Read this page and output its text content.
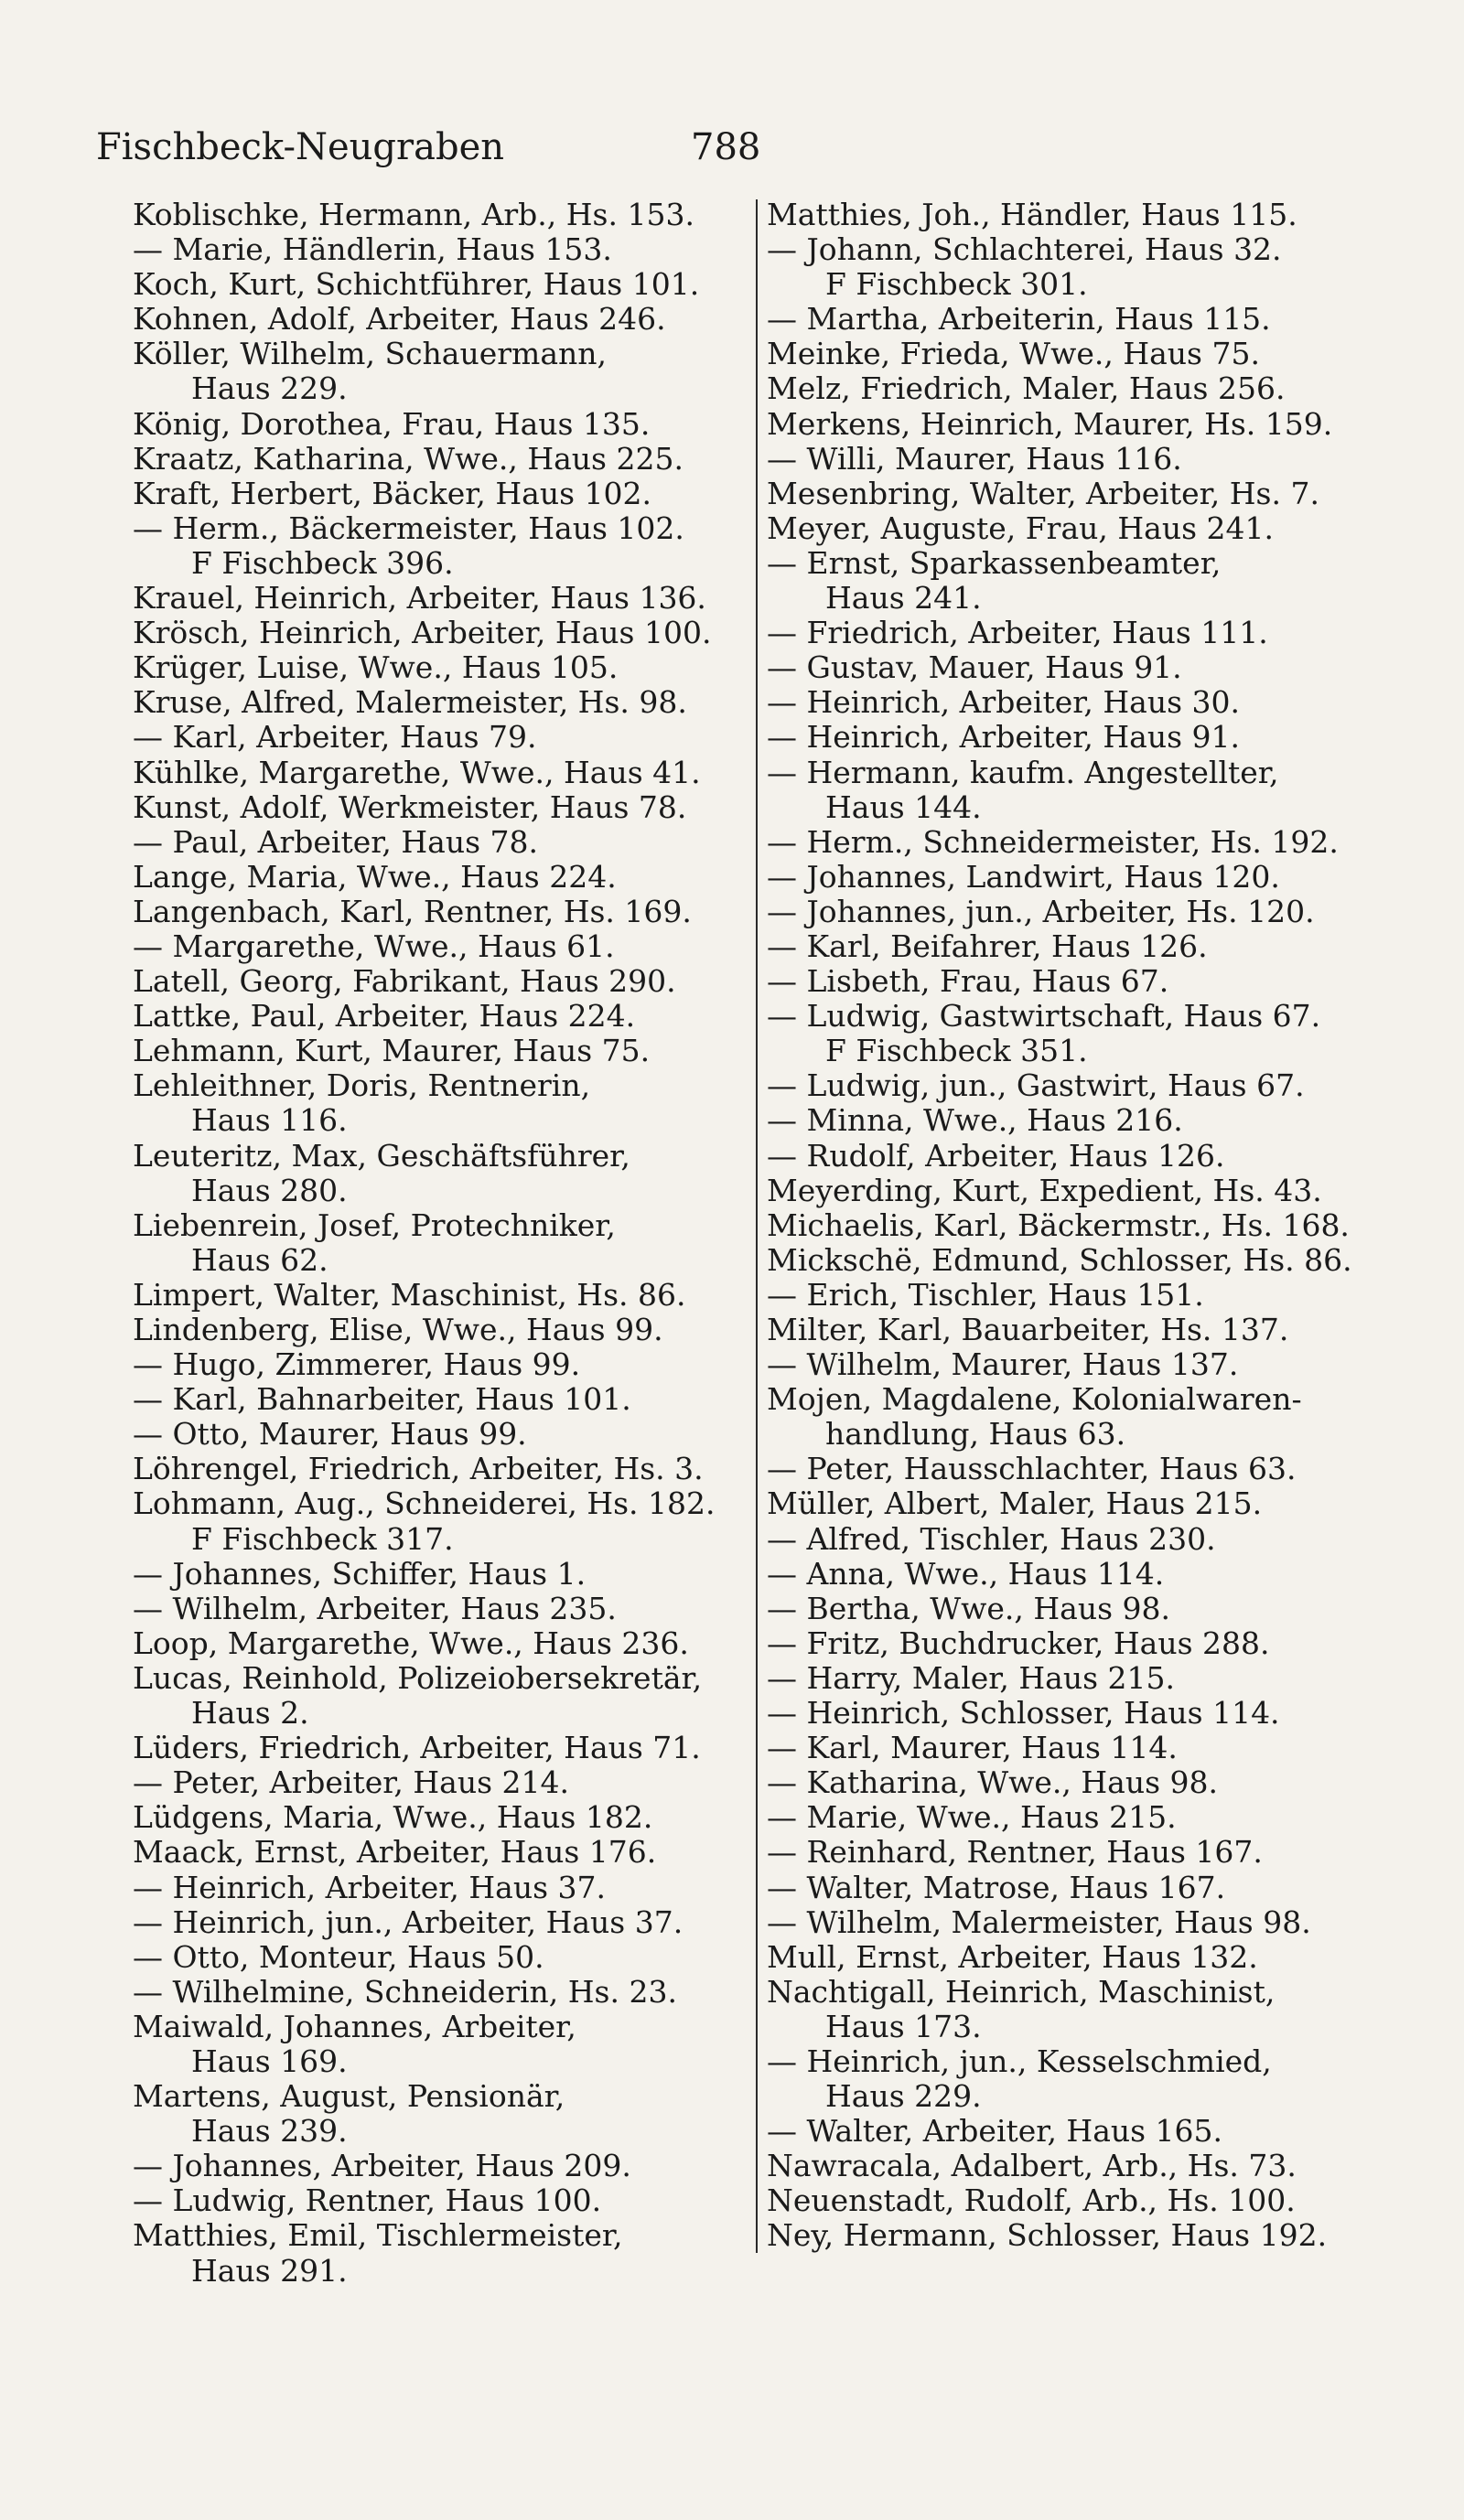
Fischbeck-Neugraben	788
Koblischke, Hermann, Arb., Hs. 153.
— Marie, Händlerin, Haus 153.
Koch, Kurt, Schichtführer, Haus 101.
Kohnen, Adolf, Arbeiter, Haus 246.
Köller, Wilhelm, Schauermann,
Haus 229.
König, Dorothea, Frau, Haus 135.
Kraatz, Katharina, Wwe., Haus 225.
Kraft, Herbert, Bäcker, Haus 102.
— Herm., Bäckermeister, Haus 102.
F Fischbeck 396.
Krauel, Heinrich, Arbeiter, Haus 136.
Krösch, Heinrich, Arbeiter, Haus 100.
Krüger, Luise, Wwe., Haus 105.
Kruse, Alfred, Malermeister, Hs. 98.
— Karl, Arbeiter, Haus 79.
Kühlke, Margarethe, Wwe., Haus 41.
Kunst, Adolf, Werkmeister, Haus 78.
— Paul, Arbeiter, Haus 78.
Lange, Maria, Wwe., Haus 224.
Langenbach, Karl, Rentner, Hs. 169.
— Margarethe, Wwe., Haus 61.
Latell, Georg, Fabrikant, Haus 290.
Lattke, Paul, Arbeiter, Haus 224.
Lehmann, Kurt, Maurer, Haus 75.
Lehleithner, Doris, Rentnerin,
Haus 116.
Leuteritz, Max, Geschäftsführer,
Haus 280.
Liebenrein, Josef, Protechniker,
Haus 62.
Limpert, Walter, Maschinist, Hs. 86.
Lindenberg, Elise, Wwe., Haus 99.
— Hugo, Zimmerer, Haus 99.
— Karl, Bahnarbeiter, Haus 101.
— Otto, Maurer, Haus 99.
Löhrengel, Friedrich, Arbeiter, Hs. 3.
Lohmann, Aug., Schneiderei, Hs. 182.
F Fischbeck 317.
— Johannes, Schiffer, Haus 1.
— Wilhelm, Arbeiter, Haus 235.
Loop, Margarethe, Wwe., Haus 236.
Lucas, Reinhold, Polizeiobersekretär,
Haus 2.
Lüders, Friedrich, Arbeiter, Haus 71.
— Peter, Arbeiter, Haus 214.
Lüdgens, Maria, Wwe., Haus 182.
Maack, Ernst, Arbeiter, Haus 176.
— Heinrich, Arbeiter, Haus 37.
— Heinrich, jun., Arbeiter, Haus 37.
— Otto, Monteur, Haus 50.
— Wilhelmine, Schneiderin, Hs. 23.
Maiwald, Johannes, Arbeiter,
Haus 169.
Martens, August, Pensionär,
Haus 239.
— Johannes, Arbeiter, Haus 209.
— Ludwig, Rentner, Haus 100.
Matthies, Emil, Tischlermeister,
Haus 291.
Matthies, Joh., Händler, Haus 115.
— Johann, Schlachterei, Haus 32.
F Fischbeck 301.
— Martha, Arbeiterin, Haus 115.
Meinke, Frieda, Wwe., Haus 75.
Melz, Friedrich, Maler, Haus 256.
Merkens, Heinrich, Maurer, Hs. 159.
— Willi, Maurer, Haus 116.
Mesenbring, Walter, Arbeiter, Hs. 7.
Meyer, Auguste, Frau, Haus 241.
— Ernst, Sparkassenbeamter,
Haus 241.
— Friedrich, Arbeiter, Haus 111.
— Gustav, Mauer, Haus 91.
— Heinrich, Arbeiter, Haus 30.
— Heinrich, Arbeiter, Haus 91.
— Hermann, kaufm. Angestellter,
Haus 144.
— Herm., Schneidermeister, Hs. 192.
— Johannes, Landwirt, Haus 120.
— Johannes, jun., Arbeiter, Hs. 120.
— Karl, Beifahrer, Haus 126.
— Lisbeth, Frau, Haus 67.
— Ludwig, Gastwirtschaft, Haus 67.
F Fischbeck 351.
— Ludwig, jun., Gastwirt, Haus 67.
— Minna, Wwe., Haus 216.
— Rudolf, Arbeiter, Haus 126.
Meyerding, Kurt, Expedient, Hs. 43.
Michaelis, Karl, Bäckermstr., Hs. 168.
Mickschë, Edmund, Schlosser, Hs. 86.
— Erich, Tischler, Haus 151.
Milter, Karl, Bauarbeiter, Hs. 137.
— Wilhelm, Maurer, Haus 137.
Mojen, Magdalene, Kolonialwaren-
handlung, Haus 63.
— Peter, Hausschlachter, Haus 63.
Müller, Albert, Maler, Haus 215.
— Alfred, Tischler, Haus 230.
— Anna, Wwe., Haus 114.
— Bertha, Wwe., Haus 98.
— Fritz, Buchdrucker, Haus 288.
— Harry, Maler, Haus 215.
— Heinrich, Schlosser, Haus 114.
— Karl, Maurer, Haus 114.
— Katharina, Wwe., Haus 98.
— Marie, Wwe., Haus 215.
— Reinhard, Rentner, Haus 167.
— Walter, Matrose, Haus 167.
— Wilhelm, Malermeister, Haus 98.
Mull, Ernst, Arbeiter, Haus 132.
Nachtigall, Heinrich, Maschinist,
Haus 173.
— Heinrich, jun., Kesselschmied,
Haus 229.
— Walter, Arbeiter, Haus 165.
Nawracala, Adalbert, Arb., Hs. 73.
Neuenstadt, Rudolf, Arb., Hs. 100.
Ney, Hermann, Schlosser, Haus 192.
